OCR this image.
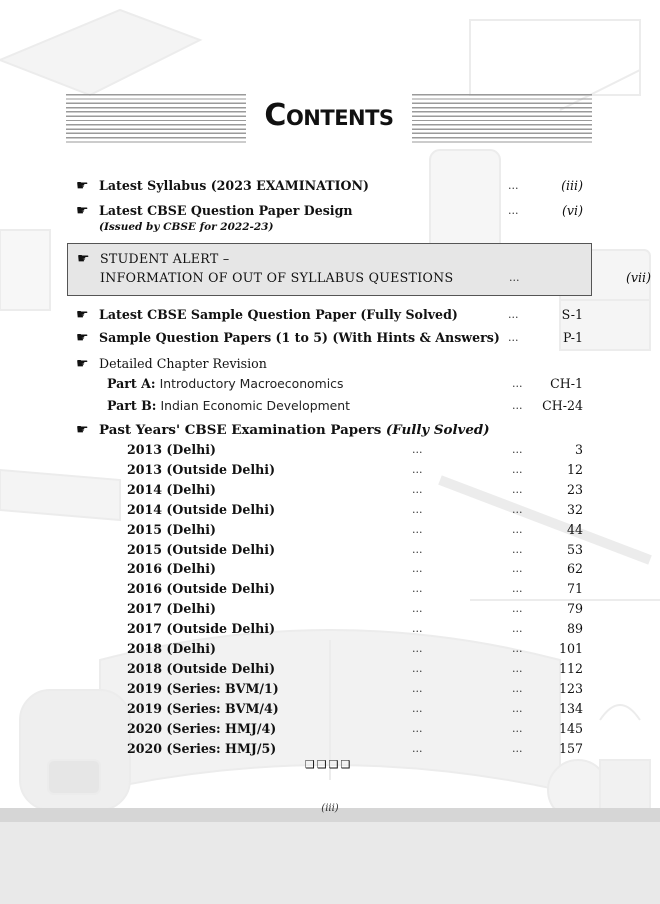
Contents
☛ Latest Syllabus (2023 EXAMINATION)	...	(iii)
☛ Latest CBSE Question Paper Design
(Issued by CBSE for 2022-23)
...	(vi)
☛ STUDENT ALERT –
INFORMATION OF OUT OF SYLLABUS QUESTIONS	...	(vii)
☛ Latest CBSE Sample Question Paper (Fully Solved)	...	S-1
☛ Sample Question Papers (1 to 5) (With Hints & Answers) ...	P-1
☛ Detailed Chapter Revision
Part A: Introductory Macroeconomics	... CH-1
Part B: Indian Economic Development	... CH-24
☛ Past Years' CBSE Examination Papers (Fully Solved)
2013 (Delhi)	...	...	3
2013 (Outside Delhi)	...	...	12
2014 (Delhi)	...	...	23
2014 (Outside Delhi)	...	...	32
2015 (Delhi)	...	...	44
2015 (Outside Delhi)	...	...	53
2016 (Delhi)	...	...	62
2016 (Outside Delhi)	...	...	71
2017 (Delhi)	...	...	79
2017 (Outside Delhi)	...	...	89
2018 (Delhi)	...	...	101
2018 (Outside Delhi)	...	...	112
2019 (Series: BVM/1)	...	...	123
2019 (Series: BVM/4)	...	...	134
2020 (Series: HMJ/4)	...	...	145
2020 (Series: HMJ/5)	...	...	157
❑❑❑❑
(iii)
